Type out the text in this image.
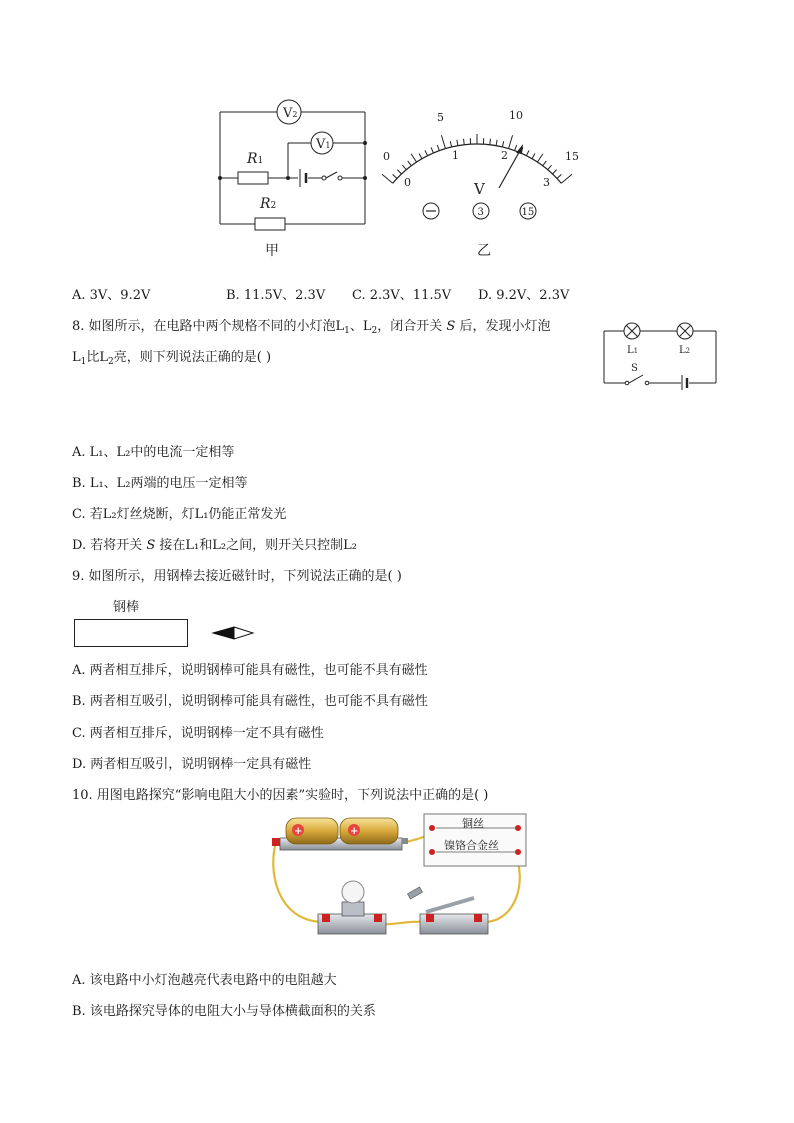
V2
V1
R1
R2
甲
0
5	10
15
0
1	2
3
V
3	15
乙
A. 3V、9.2V	B. 11.5V、2.3V C. 2.3V、11.5V D. 9.2V、2.3V
8. 如图所示，在电路中两个规格不同的小灯泡$L_1$、$L_2$，闭合开关 S 后，发现小灯泡
$L_1$比$L_2$亮，则下列说法正确的是( )	L1	L2
S
A. L₁、L₂中的电流一定相等
B. L₁、L₂两端的电压一定相等
C. 若L₂灯丝烧断，灯L₁仍能正常发光
D. 若将开关 S 接在L₁和L₂之间，则开关只控制L₂
9. 如图所示，用钢棒去接近磁针时，下列说法正确的是( )
钢棒
A. 两者相互排斥，说明钢棒可能具有磁性，也可能不具有磁性
B. 两者相互吸引，说明钢棒可能具有磁性，也可能不具有磁性
C. 两者相互排斥，说明钢棒一定不具有磁性
D. 两者相互吸引，说明钢棒一定具有磁性
10. 用图电路探究“影响电阻大小的因素”实验时，下列说法中正确的是( )
+	+
铜丝
镍铬合金丝
A. 该电路中小灯泡越亮代表电路中的电阻越大
B. 该电路探究导体的电阻大小与导体横截面积的关系
